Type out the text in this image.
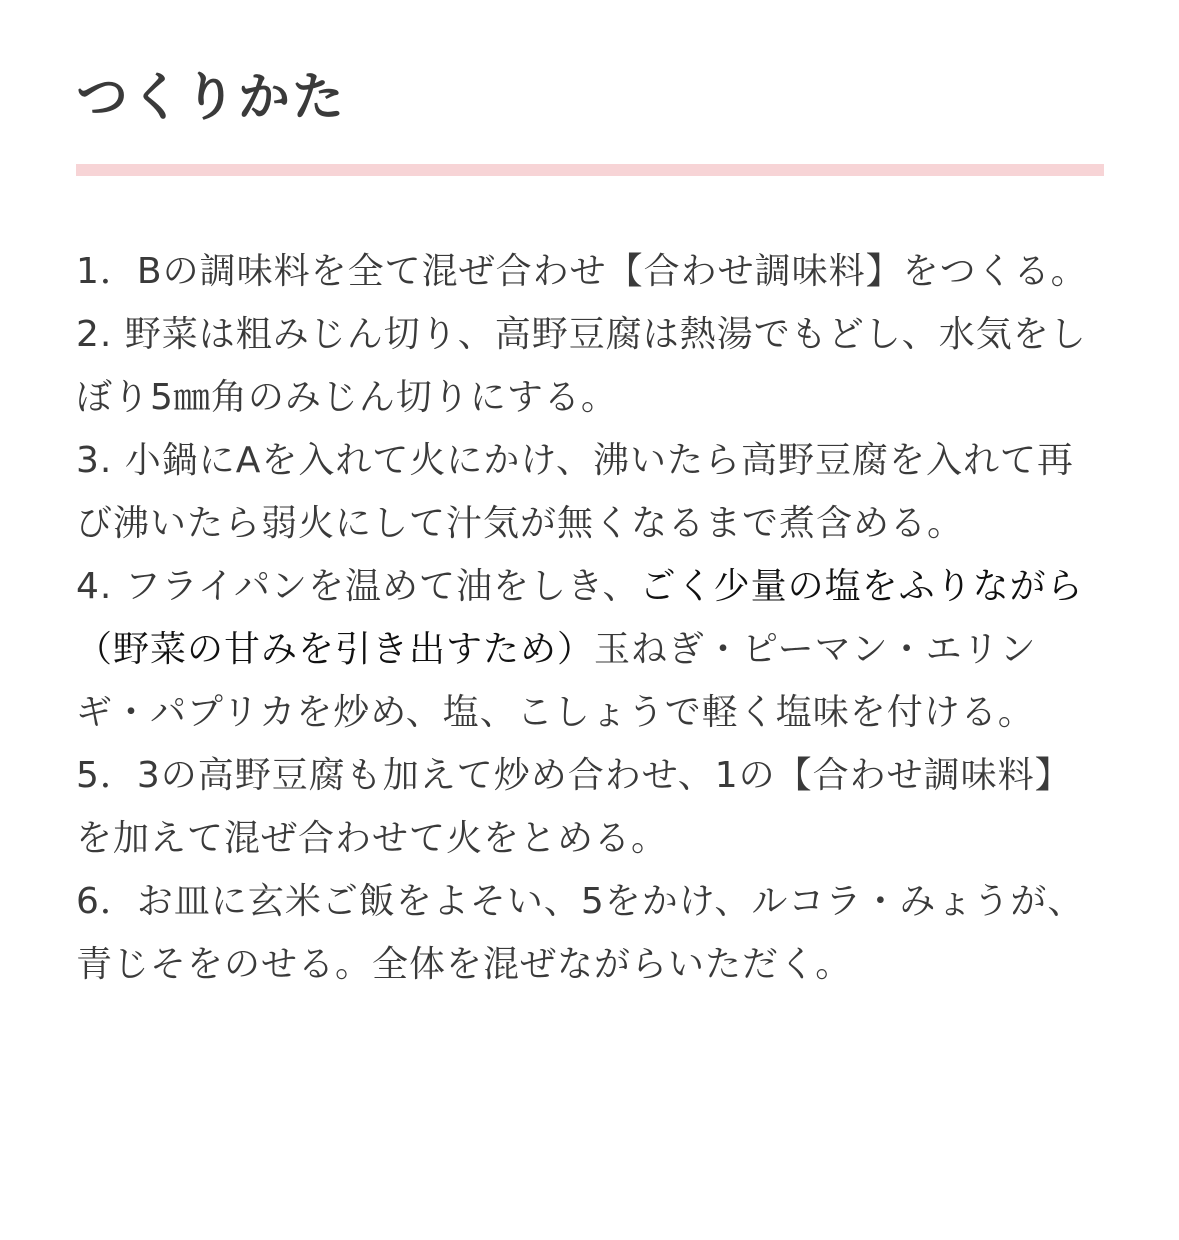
つくりかた
1．Bの調味料を全て混ぜ合わせ【合わせ調味料】をつくる。
2. 野菜は粗みじん切り、高野豆腐は熱湯でもどし、水気をしぼり5㎜角のみじん切りにする。
3. 小鍋にAを入れて火にかけ、沸いたら高野豆腐を入れて再び沸いたら弱火にして汁気が無くなるまで煮含める。
4. フライパンを温めて油をしき、ごく少量の塩をふりながら（野菜の甘みを引き出すため）玉ねぎ・ピーマン・エリンギ・パプリカを炒め、塩、こしょうで軽く塩味を付ける。
5．3の高野豆腐も加えて炒め合わせ、1の【合わせ調味料】を加えて混ぜ合わせて火をとめる。
6．お皿に玄米ご飯をよそい、5をかけ、ルコラ・みょうが、青じそをのせる。全体を混ぜながらいただく。
